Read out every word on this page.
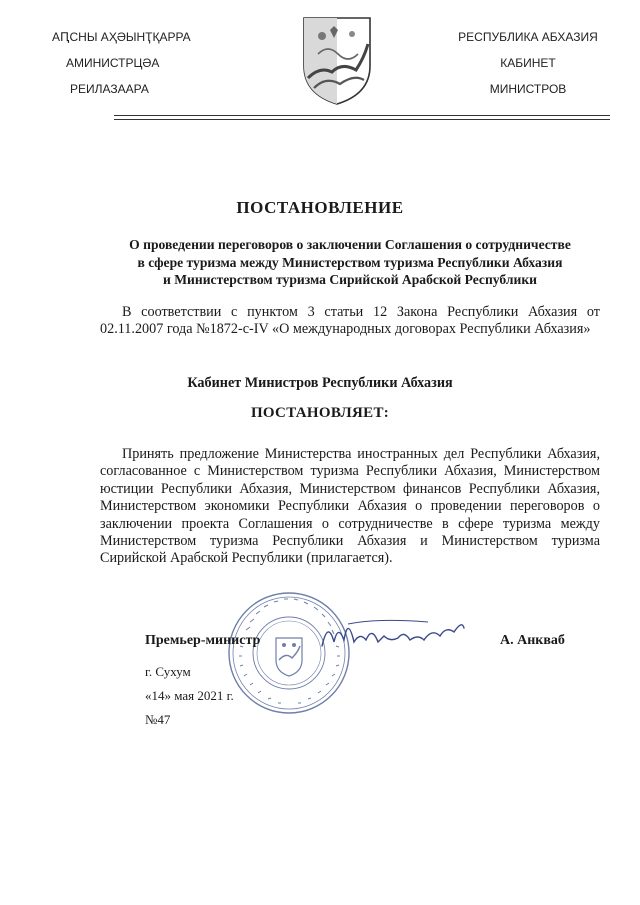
АԤСНЫ АҲӘЫНҬҚАРРА
АМИНИСТРЦӘА
РЕИЛАЗААРА
РЕСПУБЛИКА АБХАЗИЯ
КАБИНЕТ
МИНИСТРОВ
ПОСТАНОВЛЕНИЕ
О проведении переговоров о заключении Соглашения о сотрудничестве
в сфере туризма между Министерством туризма Республики Абхазия
и Министерством туризма Сирийской Арабской Республики
В соответствии с пунктом 3 статьи 12 Закона Республики Абхазия от 02.11.2007 года №1872-с-IV «О международных договорах Республики Абхазия»
Кабинет Министров Республики Абхазия
ПОСТАНОВЛЯЕТ:
Принять предложение Министерства иностранных дел Республики Абхазия, согласованное с Министерством туризма Республики Абхазия, Министерством юстиции Республики Абхазия, Министерством финансов Республики Абхазия, Министерством экономики Республики Абхазия о проведении переговоров о заключении проекта Соглашения о сотрудничестве в сфере туризма между Министерством туризма Республики Абхазия и Министерством туризма Сирийской Арабской Республики (прилагается).
Премьер-министр	А. Анкваб
г. Сухум
«14» мая 2021 г.
№47
